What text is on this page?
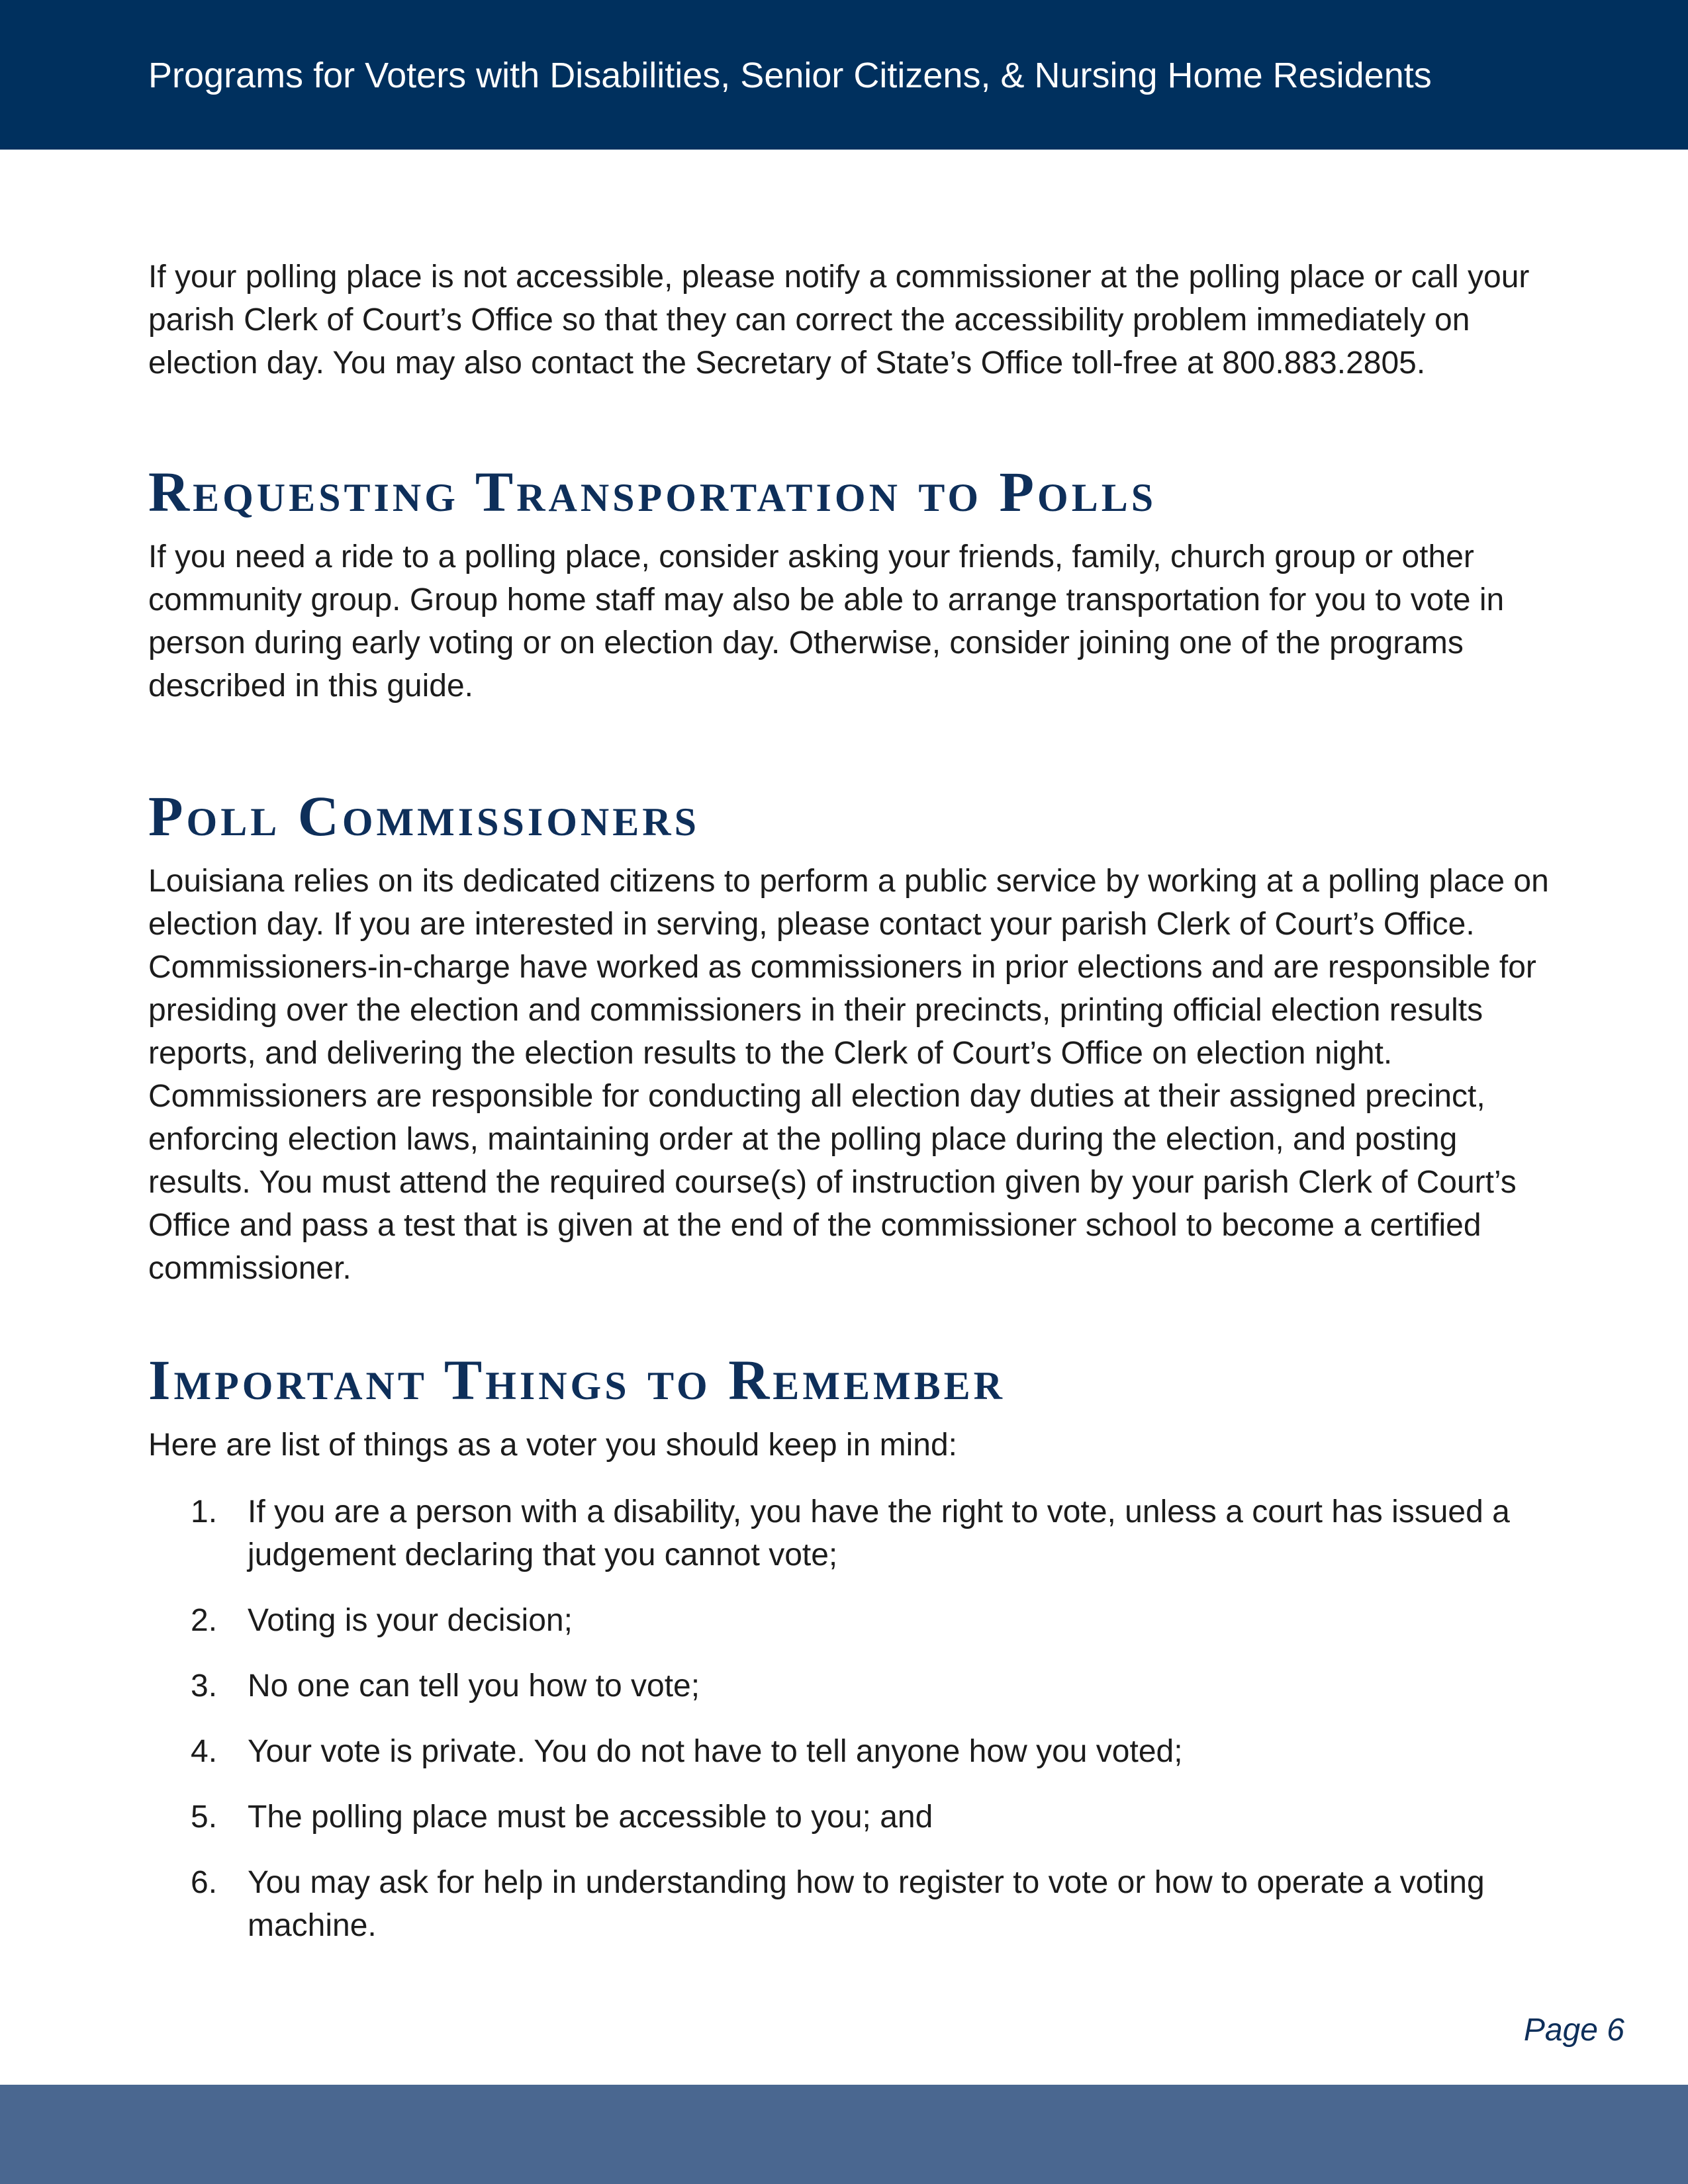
Programs for Voters with Disabilities, Senior Citizens, & Nursing Home Residents

If your polling place is not accessible, please notify a commissioner at the polling place or call your parish Clerk of Court’s Office so that they can correct the accessibility problem immediately on election day. You may also contact the Secretary of State’s Office toll-free at 800.883.2805.

Requesting Transportation to Polls

If you need a ride to a polling place, consider asking your friends, family, church group or other community group. Group home staff may also be able to arrange transportation for you to vote in person during early voting or on election day. Otherwise, consider joining one of the programs described in this guide.

Poll Commissioners

Louisiana relies on its dedicated citizens to perform a public service by working at a polling place on election day. If you are interested in serving, please contact your parish Clerk of Court’s Office. Commissioners-in-charge have worked as commissioners in prior elections and are responsible for presiding over the election and commissioners in their precincts, printing official election results reports, and delivering the election results to the Clerk of Court’s Office on election night. Commissioners are responsible for conducting all election day duties at their assigned precinct, enforcing election laws, maintaining order at the polling place during the election, and posting results. You must attend the required course(s) of instruction given by your parish Clerk of Court’s Office and pass a test that is given at the end of the commissioner school to become a certified commissioner.

Important Things to Remember

Here are list of things as a voter you should keep in mind:

1. If you are a person with a disability, you have the right to vote, unless a court has issued a judgement declaring that you cannot vote;
2. Voting is your decision;
3. No one can tell you how to vote;
4. Your vote is private. You do not have to tell anyone how you voted;
5. The polling place must be accessible to you; and
6. You may ask for help in understanding how to register to vote or how to operate a voting machine.
Page 6
